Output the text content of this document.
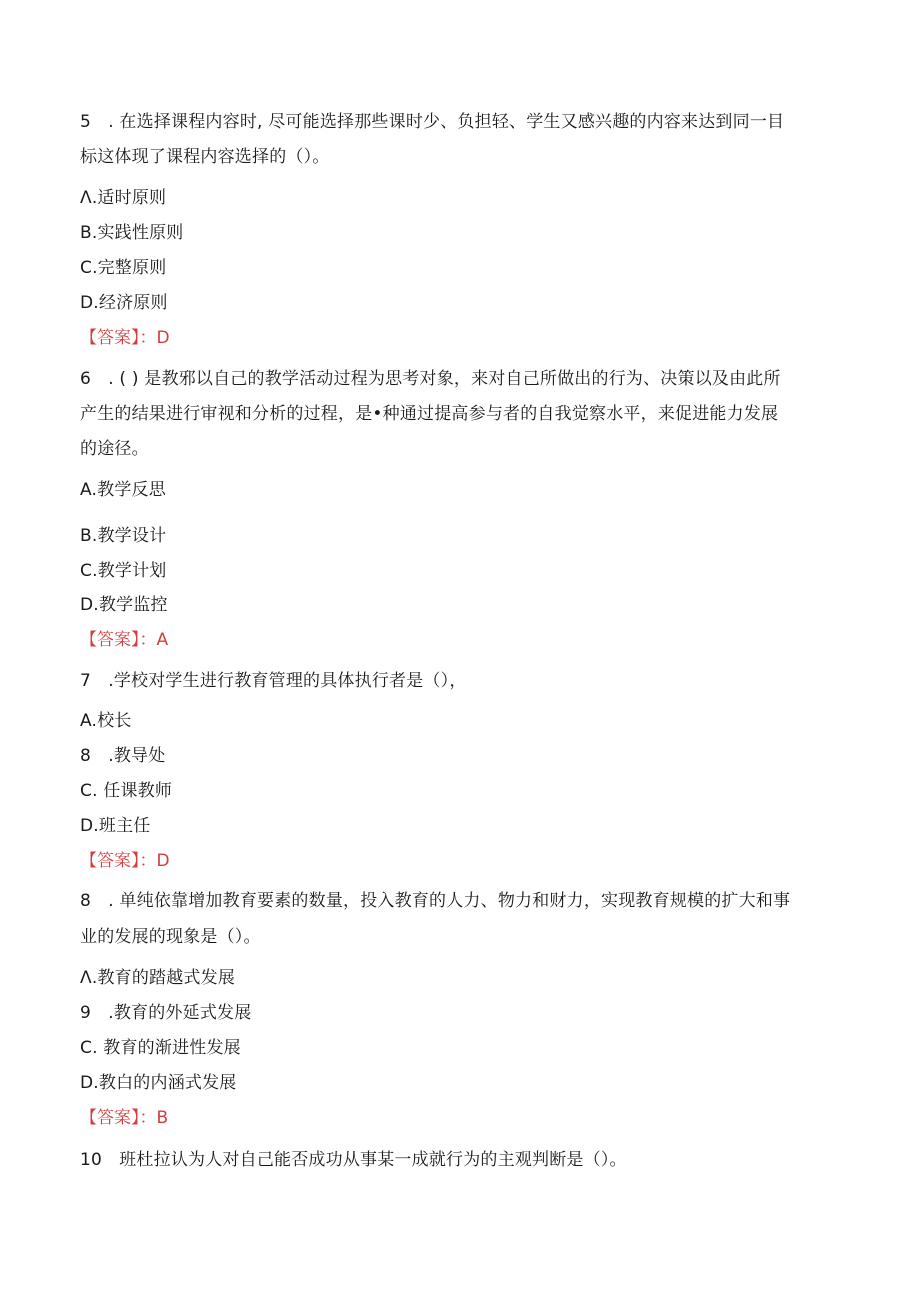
5　. 在选择课程内容时, 尽可能选择那些课时少、负担轻、学生又感兴趣的内容来达到同一目
标这体现了课程内容选择的（）。
Λ.适时原则
B.实践性原则
C.完整原则
D.经济原则
【答案】：D
6　. ( ) 是教邪以自己的教学活动过程为思考对象，来对自己所做出的行为、决策以及由此所
产生的结果进行审视和分析的过程，是•种通过提高参与者的自我觉察水平，来促进能力发展
的途径。
A.教学反思
B.教学设计
C.教学计划
D.教学监控
【答案】：A
7　.学校对学生进行教育管理的具体执行者是（），
A.校长
8　.教导处
C. 任课教师
D.班主任
【答案】：D
8　. 单纯依靠增加教育要素的数量，投入教育的人力、物力和财力，实现教育规模的扩大和事
业的发展的现象是（）。
Λ.教育的踏越式发展
9　.教育的外延式发展
C. 教育的渐进性发展
D.教白的内涵式发展
【答案】：B
10　班杜拉认为人对自己能否成功从事某一成就行为的主观判断是（）。
